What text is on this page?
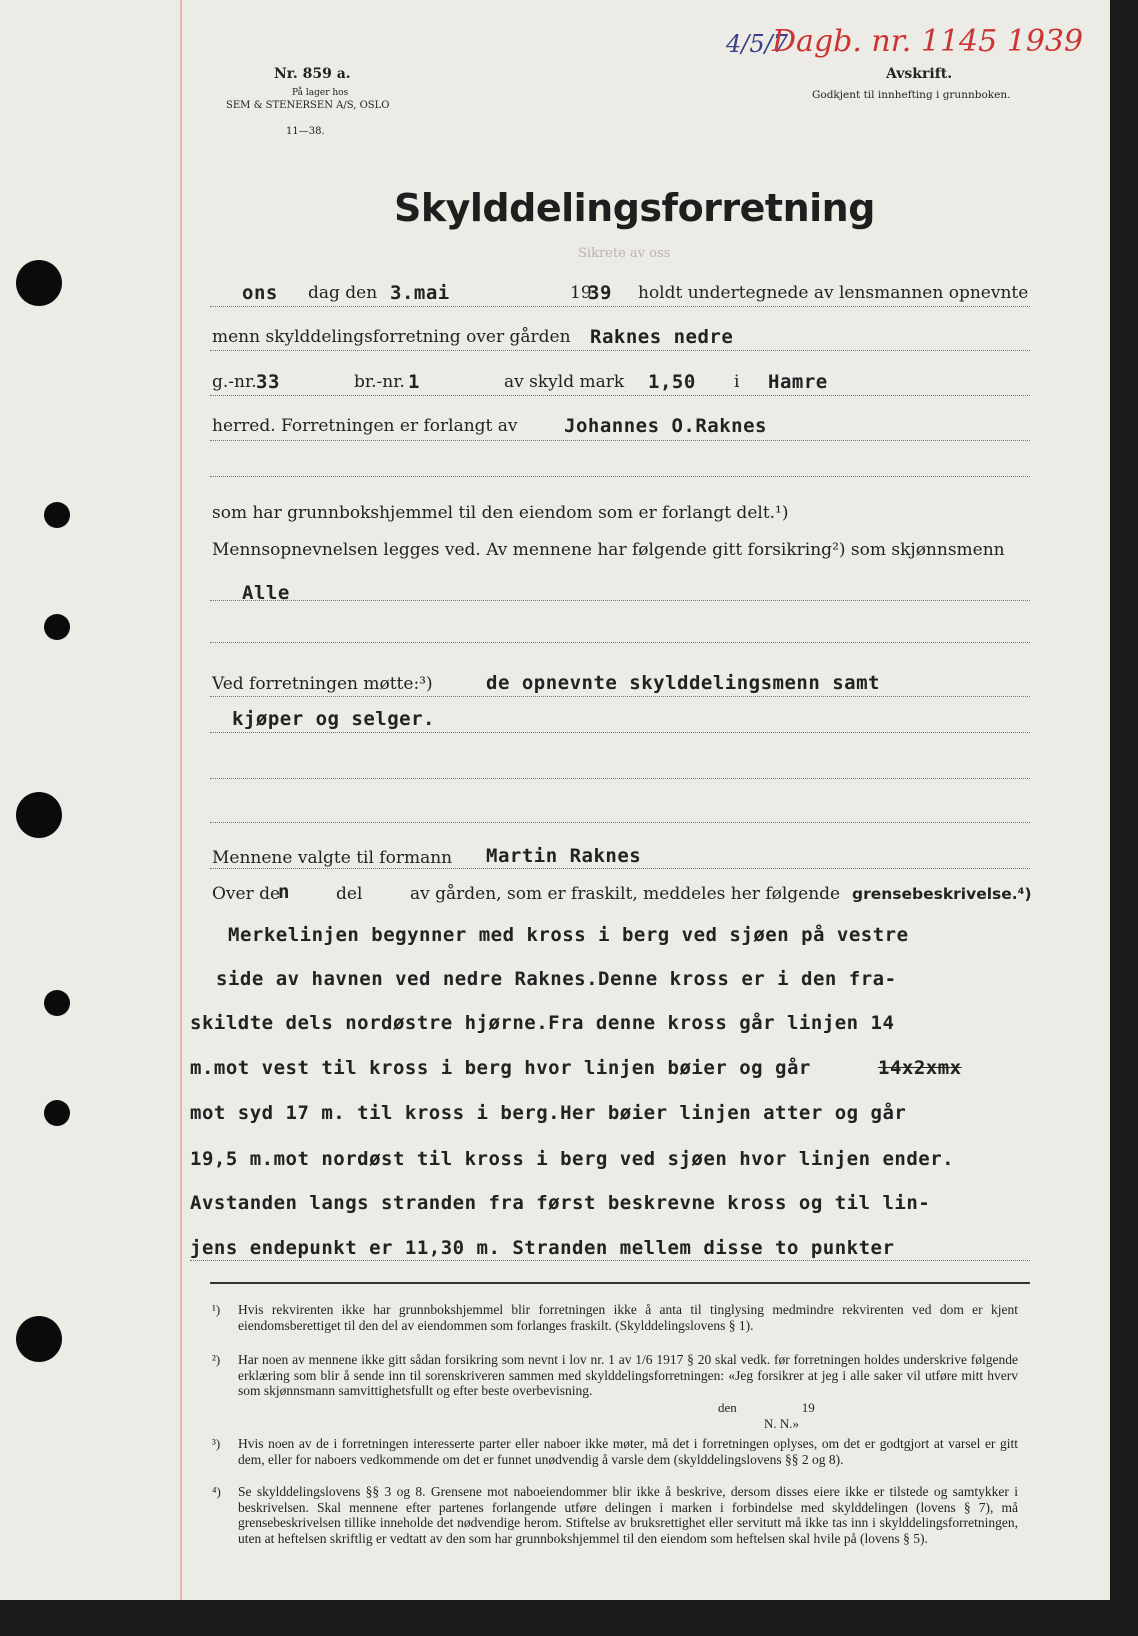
Nr. 859 a.
På lager hos
SEM & STENERSEN A/S, OSLO
11—38.
4/5/7
Dagb. nr. 1145 1939
Avskrift.
Godkjent til innhefting i grunnboken.
Skylddelingsforretning
Sikrete av oss
ons dag den 3.mai	19
39 holdt undertegnede av lensmannen opnevnte
menn skylddelingsforretning over gården Raknes nedre
g.-nr. 33	br.-nr. 1	av skyld mark 1,50 i Hamre
herred. Forretningen er forlangt av Johannes O.Raknes
som har grunnbokshjemmel til den eiendom som er forlangt delt.¹)
Mennsopnevnelsen legges ved. Av mennene har følgende gitt forsikring²) som skjønnsmenn
Alle
Ved forretningen møtte:³)	de opnevnte skylddelingsmenn samt
kjøper og selger.
Mennene valgte til formann Martin Raknes
Over de
n	del	av gården, som er fraskilt, meddeles her følgende grensebeskrivelse.⁴)
Merkelinjen begynner med kross i berg ved sjøen på vestre
side av havnen ved nedre Raknes.Denne kross er i den fra-
skildte dels nordøstre hjørne.Fra denne kross går linjen 14
m.mot vest til kross i berg hvor linjen bøier og går	14x2xmx
mot syd 17 m. til kross i berg.Her bøier linjen atter og går
19,5 m.mot nordøst til kross i berg ved sjøen hvor linjen ender.
Avstanden langs stranden fra først beskrevne kross og til lin-
jens endepunkt er 11,30 m. Stranden mellem disse to punkter
¹) Hvis rekvirenten ikke har grunnbokshjemmel blir forretningen ikke å anta til tinglysing medmindre rekvirenten ved dom er kjent eiendomsberettiget til den del av eiendommen som forlanges fraskilt. (Skylddelingslovens § 1).
²) Har noen av mennene ikke gitt sådan forsikring som nevnt i lov nr. 1 av 1/6 1917 § 20 skal vedk. før forretningen holdes underskrive følgende erklæring som blir å sende inn til sorenskriveren sammen med skylddelingsforretningen: «Jeg forsikrer at jeg i alle saker vil utføre mitt hverv som skjønnsmann samvittighetsfullt og efter beste overbevisning.
den                    19
N. N.»
³) Hvis noen av de i forretningen interesserte parter eller naboer ikke møter, må det i forretningen oplyses, om det er godtgjort at varsel er gitt dem, eller for naboers vedkommende om det er funnet unødvendig å varsle dem (skylddelingslovens §§ 2 og 8).
⁴) Se skylddelingslovens §§ 3 og 8. Grensene mot naboeiendommer blir ikke å beskrive, dersom disses eiere ikke er tilstede og samtykker i beskrivelsen. Skal mennene efter partenes forlangende utføre delingen i marken i forbindelse med skylddelingen (lovens § 7), må grensebeskrivelsen tillike inneholde det nødvendige herom. Stiftelse av bruksrettighet eller servitutt må ikke tas inn i skylddelingsforretningen, uten at heftelsen skriftlig er vedtatt av den som har grunnbokshjemmel til den eiendom som heftelsen skal hvile på (lovens § 5).
